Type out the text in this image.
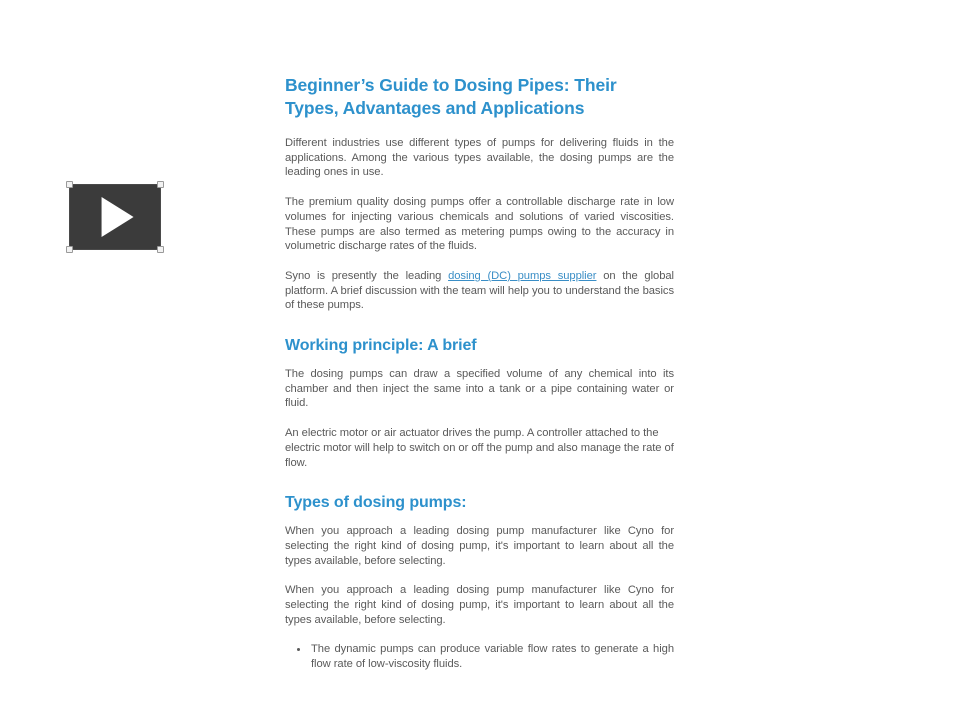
Beginner’s Guide to Dosing Pipes: Their Types, Advantages and Applications

Different industries use different types of pumps for delivering fluids in the applications. Among the various types available, the dosing pumps are the leading ones in use.

The premium quality dosing pumps offer a controllable discharge rate in low volumes for injecting various chemicals and solutions of varied viscosities. These pumps are also termed as metering pumps owing to the accuracy in volumetric discharge rates of the fluids.

Syno is presently the leading dosing (DC) pumps supplier on the global platform. A brief discussion with the team will help you to understand the basics of these pumps.

Working principle: A brief

The dosing pumps can draw a specified volume of any chemical into its chamber and then inject the same into a tank or a pipe containing water or fluid.

An electric motor or air actuator drives the pump. A controller attached to the electric motor will help to switch on or off the pump and also manage the rate of flow.

Types of dosing pumps:

When you approach a leading dosing pump manufacturer like Cyno for selecting the right kind of dosing pump, it's important to learn about all the types available, before selecting.

When you approach a leading dosing pump manufacturer like Cyno for selecting the right kind of dosing pump, it's important to learn about all the types available, before selecting.

The dynamic pumps can produce variable flow rates to generate a high flow rate of low-viscosity fluids.
